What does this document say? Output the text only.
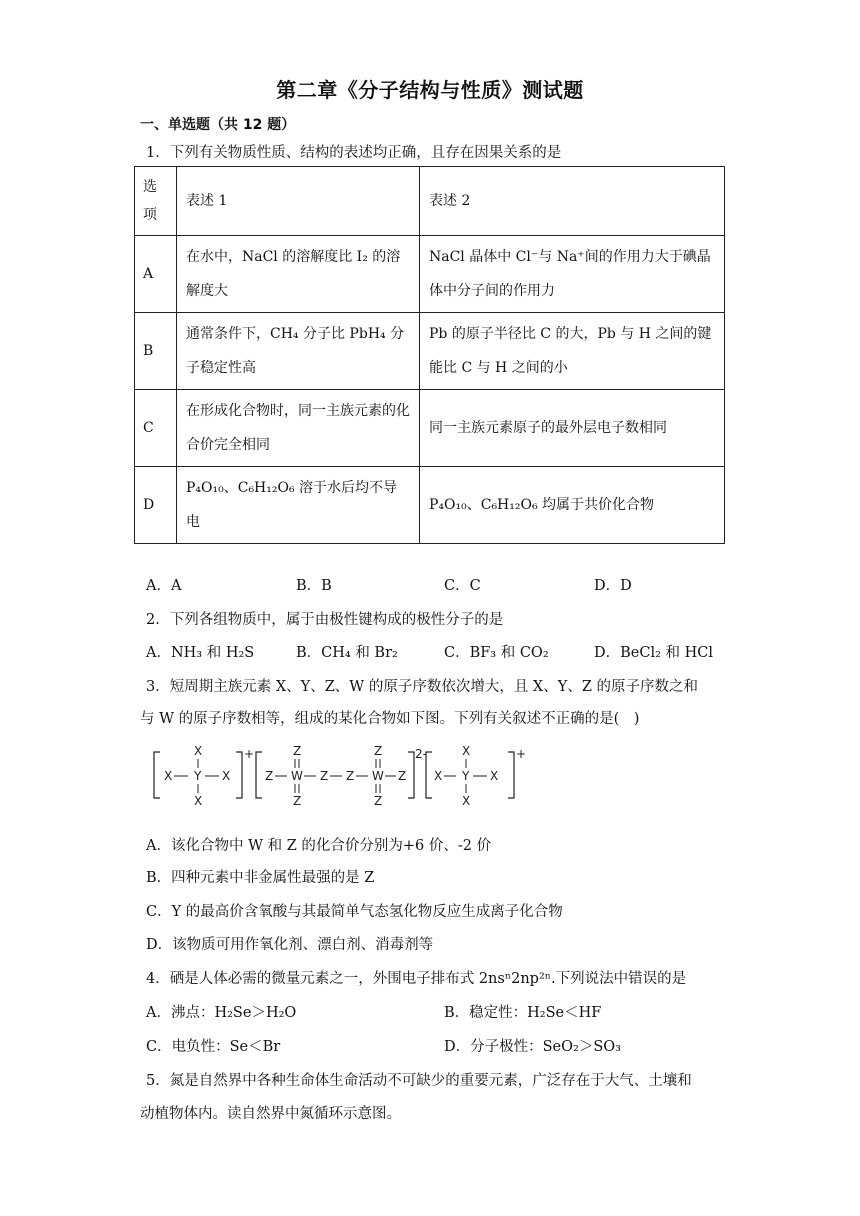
第二章《分子结构与性质》测试题
一、单选题（共 12 题）
1．下列有关物质性质、结构的表述均正确，且存在因果关系的是
选
项	表述 1	表述 2
A	在水中，NaCl 的溶解度比 I₂ 的溶解度大	NaCl 晶体中 Cl⁻与 Na⁺间的作用力大于碘晶体中分子间的作用力
B	通常条件下，CH₄ 分子比 PbH₄ 分子稳定性高	Pb 的原子半径比 C 的大，Pb 与 H 之间的键能比 C 与 H 之间的小
C	在形成化合物时，同一主族元素的化合价完全相同	同一主族元素原子的最外层电子数相同
D	P₄O₁₀、C₆H₁₂O₆ 溶于水后均不导电	P₄O₁₀、C₆H₁₂O₆ 均属于共价化合物
A．A	B．B	C．C	D．D
2．下列各组物质中，属于由极性键构成的极性分子的是
A．NH₃ 和 H₂S	B．CH₄ 和 Br₂	C．BF₃ 和 CO₂	D．BeCl₂ 和 HCl
3．短周期主族元素 X、Y、Z、W 的原子序数依次增大，且 X、Y、Z 的原子序数之和
与 W 的原子序数相等，组成的某化合物如下图。下列有关叙述不正确的是(　)
+
X
X Y X
X
2-
Z
Z
W
Z
Z Z
Z
W
Z
Z
+
X
X Y X
X
A．该化合物中 W 和 Z 的化合价分别为+6 价、-2 价
B．四种元素中非金属性最强的是 Z
C．Y 的最高价含氧酸与其最简单气态氢化物反应生成离子化合物
D．该物质可用作氧化剂、漂白剂、消毒剂等
4．硒是人体必需的微量元素之一，外围电子排布式 2nsⁿ2np²ⁿ.下列说法中错误的是
A．沸点：H₂Se＞H₂O	B．稳定性：H₂Se＜HF
C．电负性：Se＜Br	D．分子极性：SeO₂＞SO₃
5．氮是自然界中各种生命体生命活动不可缺少的重要元素，广泛存在于大气、土壤和
动植物体内。读自然界中氮循环示意图。
